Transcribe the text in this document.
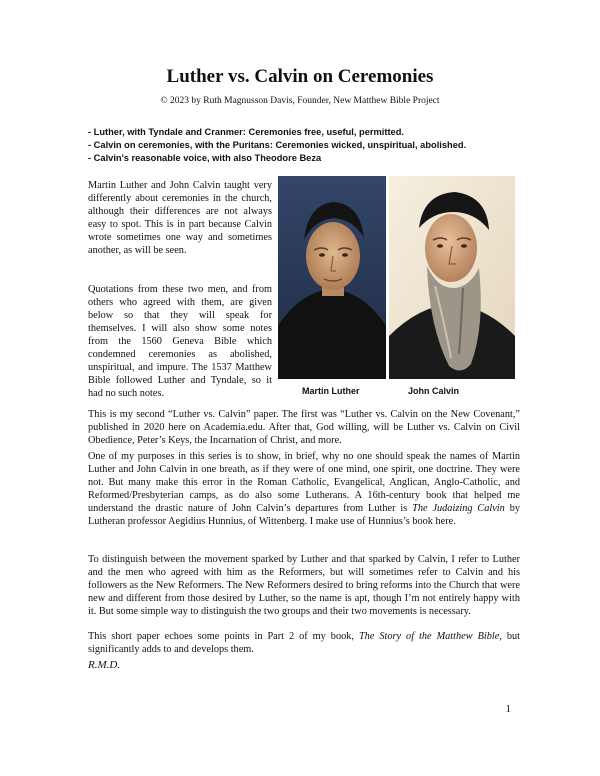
Luther vs. Calvin on Ceremonies
© 2023 by Ruth Magnusson Davis, Founder, New Matthew Bible Project
- Luther, with Tyndale and Cranmer: Ceremonies free, useful, permitted.
- Calvin on ceremonies, with the Puritans: Ceremonies wicked, unspiritual, abolished.
- Calvin's reasonable voice, with also Theodore Beza

Martin Luther and John Calvin taught very differently about ceremonies in the church, although their differences are not always easy to spot. This is in part because Calvin wrote sometimes one way and sometimes another, as will be seen.

Quotations from these two men, and from others who agreed with them, are given below so that they will speak for themselves. I will also show some notes from the 1560 Geneva Bible which condemned ceremonies as abolished, unspiritual, and impure. The 1537 Matthew Bible followed Luther and Tyndale, so it had no such notes.	Martin Luther	John Calvin

This is my second “Luther vs. Calvin” paper. The first was “Luther vs. Calvin on the New Covenant,” published in 2020 here on Academia.edu. After that, God willing, will be Luther vs. Calvin on Civil Obedience, Peter’s Keys, the Incarnation of Christ, and more.

One of my purposes in this series is to show, in brief, why no one should speak the names of Martin Luther and John Calvin in one breath, as if they were of one mind, one spirit, one doctrine. They were not. But many make this error in the Roman Catholic, Evangelical, Anglican, Anglo-Catholic, and Reformed/Presbyterian camps, as do also some Lutherans. A 16th-century book that helped me understand the drastic nature of John Calvin’s departures from Luther is The Judaizing Calvin by Lutheran professor Aegidius Hunnius, of Wittenberg. I make use of Hunnius’s book here.

To distinguish between the movement sparked by Luther and that sparked by Calvin, I refer to Luther and the men who agreed with him as the Reformers, but will sometimes refer to Calvin and his followers as the New Reformers. The New Reformers desired to bring reforms into the Church that were new and different from those desired by Luther, so the name is apt, though I’m not entirely happy with it. But some simple way to distinguish the two groups and their two movements is necessary.

This short paper echoes some points in Part 2 of my book, The Story of the Matthew Bible, but significantly adds to and develops them.

R.M.D.

1
